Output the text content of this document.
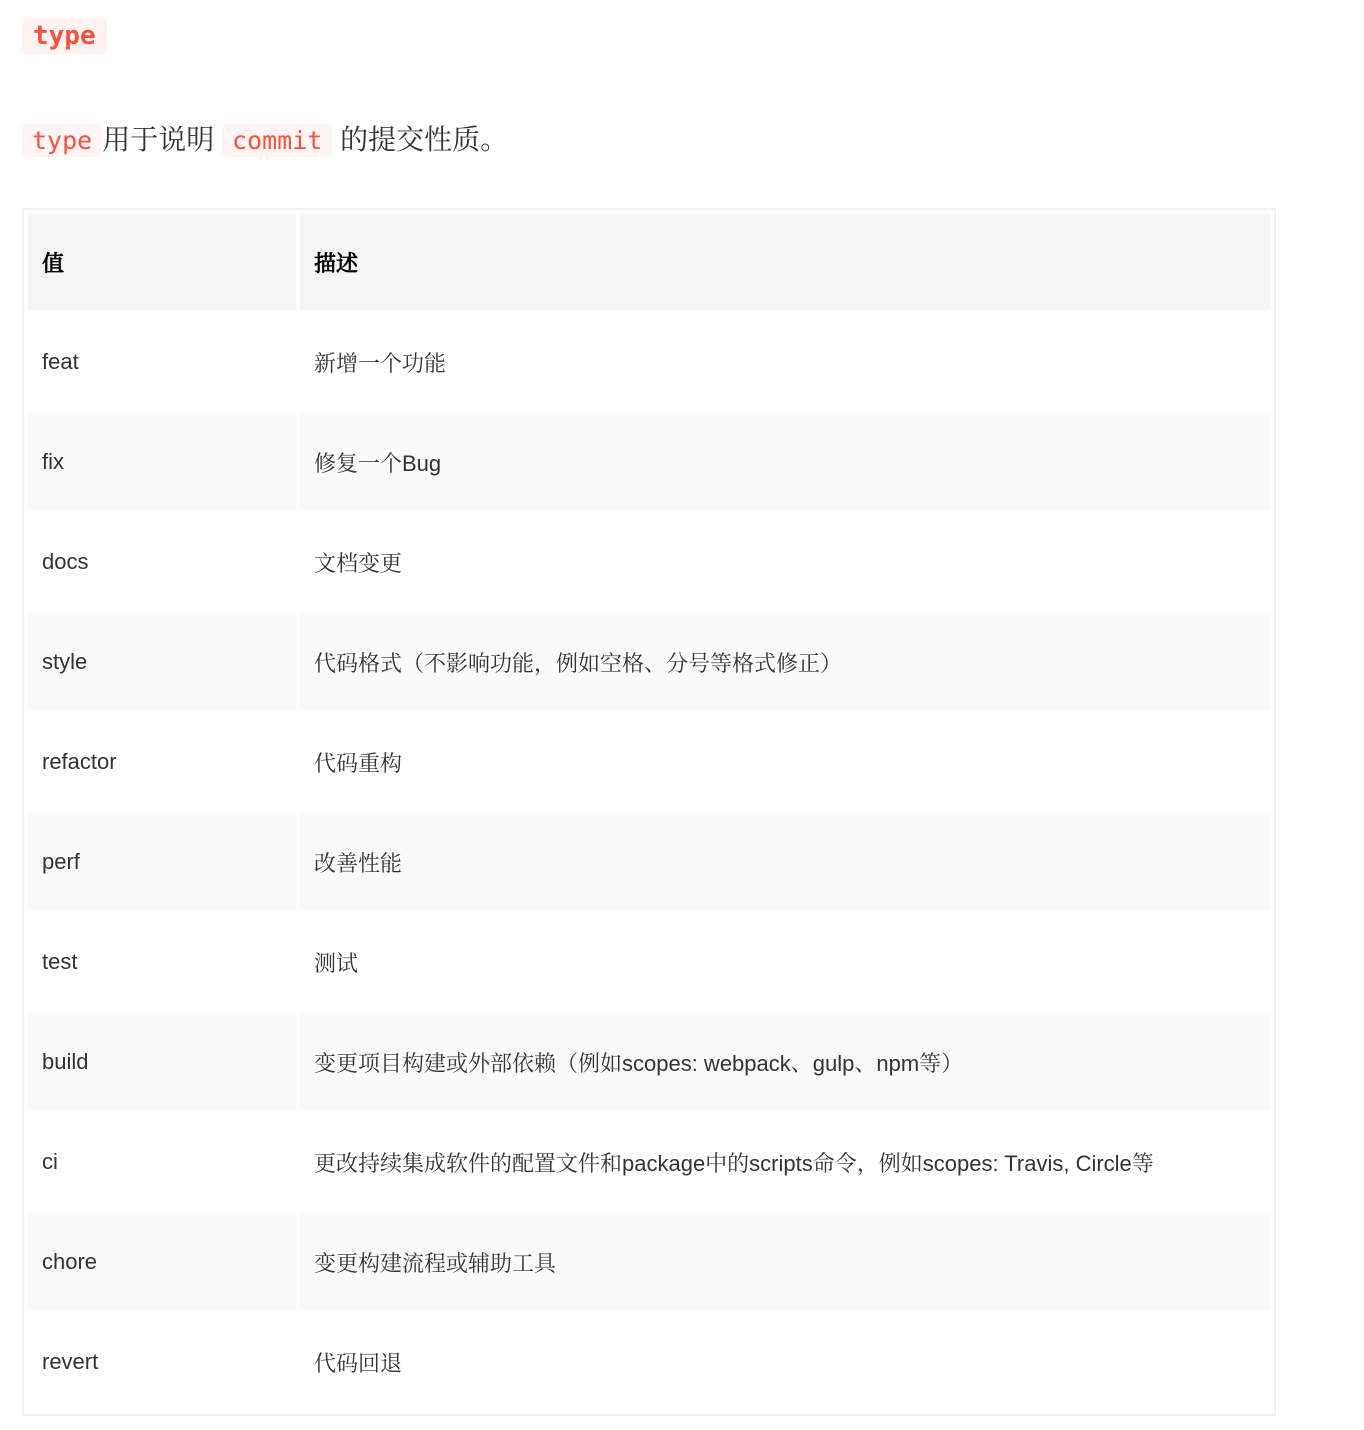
type
type 用于说明 commit 的提交性质。
值	描述
feat	新增一个功能
fix	修复一个Bug
docs	文档变更
style	代码格式（不影响功能，例如空格、分号等格式修正）
refactor	代码重构
perf	改善性能
test	测试
build	变更项目构建或外部依赖（例如scopes: webpack、gulp、npm等）
ci	更改持续集成软件的配置文件和package中的scripts命令，例如scopes: Travis, Circle等
chore	变更构建流程或辅助工具
revert	代码回退
